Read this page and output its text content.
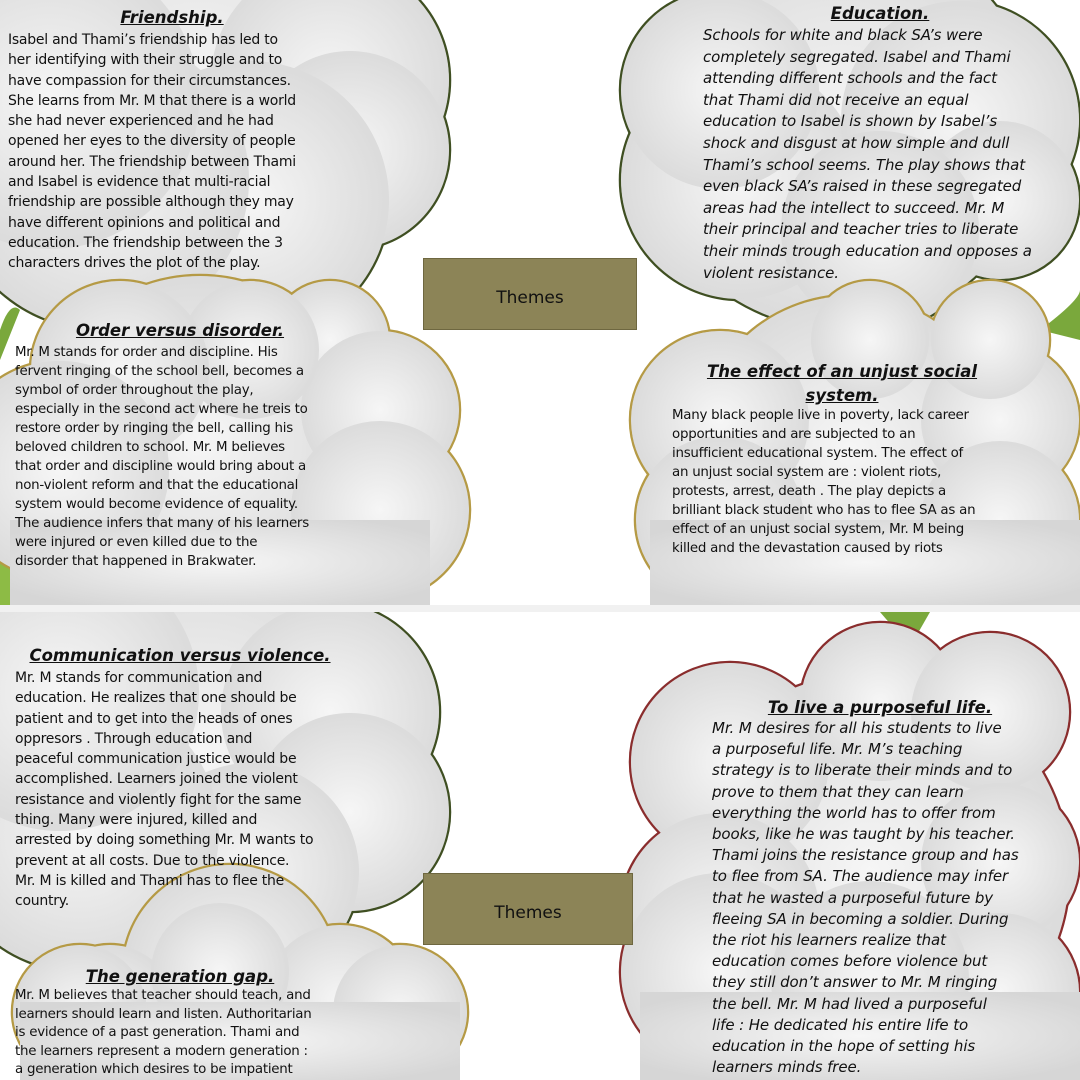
Friendship.
Isabel and Thami’s friendship has led to
her identifying with their struggle and to
have compassion for their circumstances.
She learns from Mr. M that there is a world
she had never experienced and he had
opened her eyes to the diversity of people
around her. The friendship between Thami
and Isabel is evidence that multi-racial
friendship are possible although they may
have different opinions and political and
education. The friendship between the 3
characters drives the plot of the play.
Education.
Schools for white and black SA’s were
completely segregated. Isabel and Thami
attending different schools and the fact
that Thami did not receive an equal
education to Isabel is shown by Isabel’s
shock and disgust at how simple and dull
Thami’s school seems. The play shows that
even black SA’s raised in these segregated
areas had the intellect to succeed. Mr. M
their principal and teacher tries to liberate
their minds trough education and opposes a
violent resistance.
Themes
Order versus disorder.
Mr. M stands for order and discipline. His
fervent ringing of the school bell, becomes a
symbol of order throughout the play,
especially in the second act where he treis to
restore order by ringing the bell, calling his
beloved children to school. Mr. M believes
that order and discipline would bring about a
non-violent reform and that the educational
system would become evidence of equality.
The audience infers that many of his learners
were injured or even killed due to the
disorder that happened in Brakwater.
The effect of an unjust social
system.
Many black people live in poverty, lack career
opportunities and are subjected to an
insufficient educational system. The effect of
an unjust social system are : violent riots,
protests, arrest, death . The play depicts a
brilliant black student who has to flee SA as an
effect of an unjust social system, Mr. M being
killed and the devastation caused by riots
Communication versus violence.
Mr. M stands for communication and
education. He realizes that one should be
patient and to get into the heads of ones
oppresors . Through education and
peaceful communication justice would be
accomplished. Learners joined the violent
resistance and violently fight for the same
thing. Many were injured, killed and
arrested by doing something Mr. M wants to
prevent at all costs. Due to the violence.
Mr. M is killed and Thami has to flee the
country.
Themes
To live a purposeful life.
Mr. M desires for all his students to live
a purposeful life. Mr. M’s teaching
strategy is to liberate their minds and to
prove to them that they can learn
everything the world has to offer from
books, like he was taught by his teacher.
Thami joins the resistance group and has
to flee from SA. The audience may infer
that he wasted a purposeful future by
fleeing SA in becoming a soldier. During
the riot his learners realize that
education comes before violence but
they still don’t answer to Mr. M ringing
the bell. Mr. M had lived a purposeful
life : He dedicated his entire life to
education in the hope of setting his
learners minds free.
The generation gap.
Mr. M believes that teacher should teach, and
learners should learn and listen. Authoritarian
is evidence of a past generation. Thami and
the learners represent a modern generation :
a generation which desires to be impatient
